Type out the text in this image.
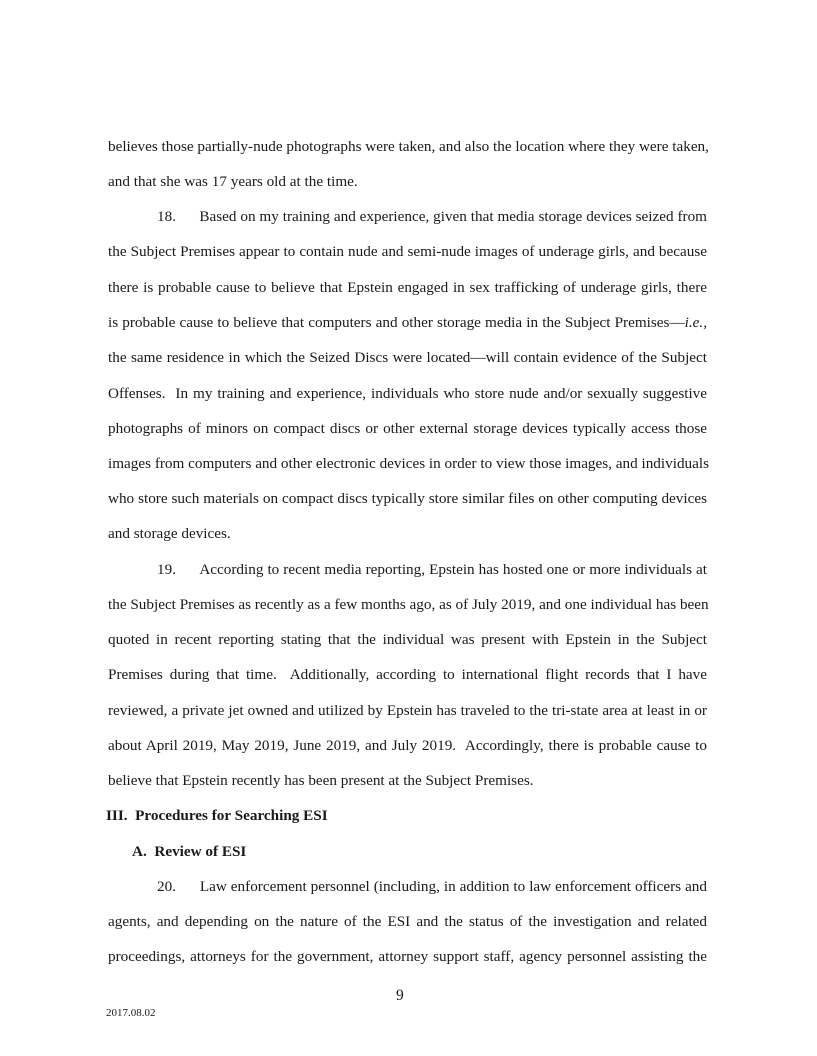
believes those partially-nude photographs were taken, and also the location where they were taken,

and that she was 17 years old at the time.

18.      Based on my training and experience, given that media storage devices seized from

the Subject Premises appear to contain nude and semi-nude images of underage girls, and because

there is probable cause to believe that Epstein engaged in sex trafficking of underage girls, there

is probable cause to believe that computers and other storage media in the Subject Premises—i.e.,

the same residence in which the Seized Discs were located—will contain evidence of the Subject

Offenses.  In my training and experience, individuals who store nude and/or sexually suggestive

photographs of minors on compact discs or other external storage devices typically access those

images from computers and other electronic devices in order to view those images, and individuals

who store such materials on compact discs typically store similar files on other computing devices

and storage devices.

19.      According to recent media reporting, Epstein has hosted one or more individuals at

the Subject Premises as recently as a few months ago, as of July 2019, and one individual has been

quoted in recent reporting stating that the individual was present with Epstein in the Subject

Premises during that time.  Additionally, according to international flight records that I have

reviewed, a private jet owned and utilized by Epstein has traveled to the tri-state area at least in or

about April 2019, May 2019, June 2019, and July 2019.  Accordingly, there is probable cause to

believe that Epstein recently has been present at the Subject Premises.

III.  Procedures for Searching ESI

A.  Review of ESI

20.      Law enforcement personnel (including, in addition to law enforcement officers and

agents, and depending on the nature of the ESI and the status of the investigation and related

proceedings, attorneys for the government, attorney support staff, agency personnel assisting the

9

2017.08.02
